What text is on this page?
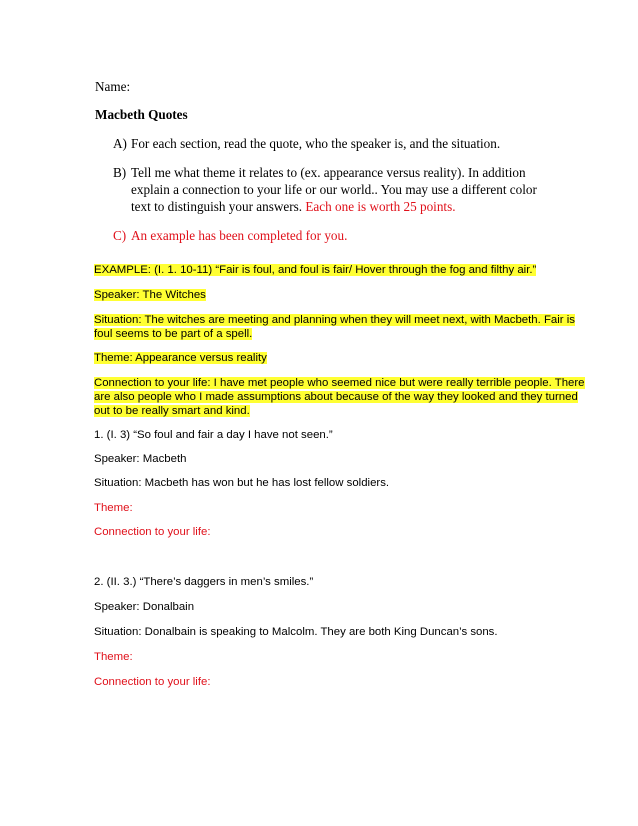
Name:
Macbeth Quotes
A) For each section, read the quote, who the speaker is, and the situation.
B) Tell me what theme it relates to (ex. appearance versus reality). In addition
explain a connection to your life or our world.. You may use a different color
text to distinguish your answers. Each one is worth 25 points.
C) An example has been completed for you.
EXAMPLE: (I. 1. 10-11) “Fair is foul, and foul is fair/ Hover through the fog and filthy air.”
Speaker: The Witches
Situation: The witches are meeting and planning when they will meet next, with Macbeth. Fair is
foul seems to be part of a spell.
Theme: Appearance versus reality
Connection to your life: I have met people who seemed nice but were really terrible people. There
are also people who I made assumptions about because of the way they looked and they turned
out to be really smart and kind.
1. (I. 3) “So foul and fair a day I have not seen.”
Speaker: Macbeth
Situation: Macbeth has won but he has lost fellow soldiers.
Theme:
Connection to your life:
2. (II. 3.) “There’s daggers in men’s smiles.”
Speaker: Donalbain
Situation: Donalbain is speaking to Malcolm. They are both King Duncan’s sons.
Theme:
Connection to your life:
